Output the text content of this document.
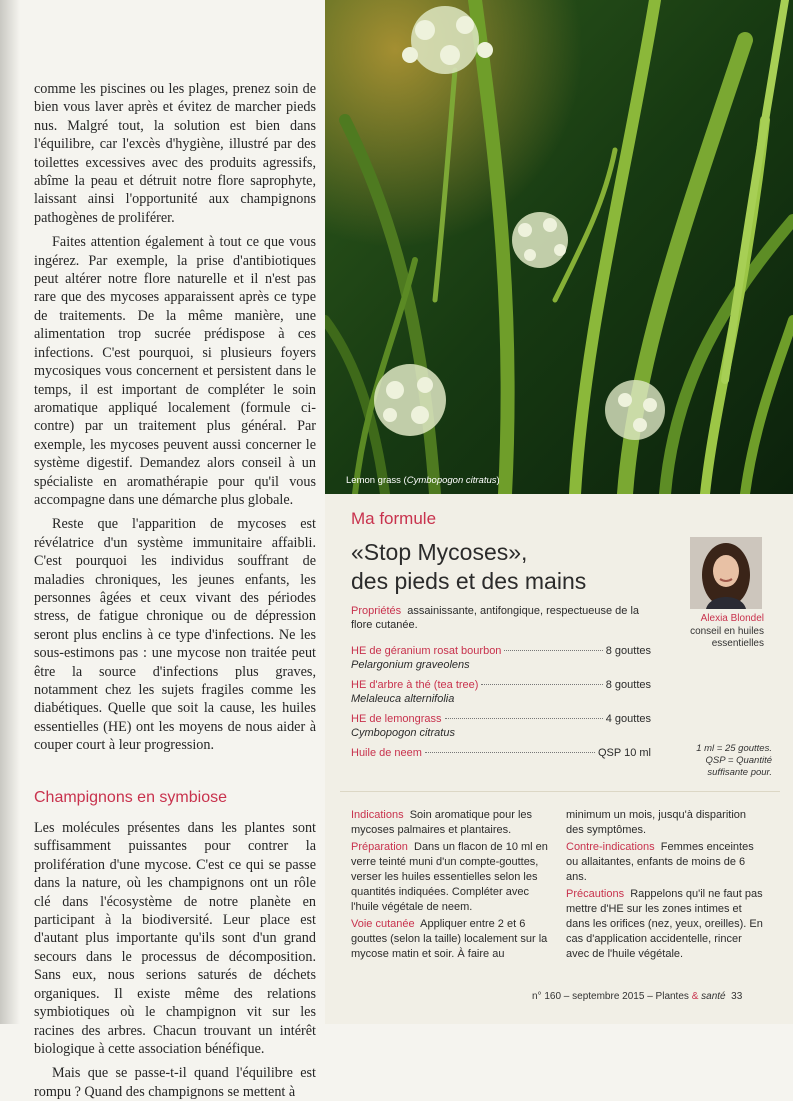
comme les piscines ou les plages, prenez soin de bien vous laver après et évitez de marcher pieds nus. Malgré tout, la solution est bien dans l'équilibre, car l'excès d'hygiène, illustré par des toilettes excessives avec des produits agressifs, abîme la peau et détruit notre flore saprophyte, laissant ainsi l'opportunité aux champignons pathogènes de proliférer.

Faites attention également à tout ce que vous ingérez. Par exemple, la prise d'antibiotiques peut altérer notre flore naturelle et il n'est pas rare que des mycoses apparaissent après ce type de traitements. De la même manière, une alimentation trop sucrée prédispose à ces infections. C'est pourquoi, si plusieurs foyers mycosiques vous concernent et persistent dans le temps, il est important de compléter le soin aromatique appliqué localement (formule ci-contre) par un traitement plus général. Par exemple, les mycoses peuvent aussi concerner le système digestif. Demandez alors conseil à un spécialiste en aromathérapie pour qu'il vous accompagne dans une démarche plus globale.

Reste que l'apparition de mycoses est révélatrice d'un système immunitaire affaibli. C'est pourquoi les individus souffrant de maladies chroniques, les jeunes enfants, les personnes âgées et ceux vivant des périodes stress, de fatigue chronique ou de dépression seront plus enclins à ce type d'infections. Ne les sous-estimons pas : une mycose non traitée peut être la source d'infections plus graves, notamment chez les sujets fragiles comme les diabétiques. Quelle que soit la cause, les huiles essentielles (HE) ont les moyens de nous aider à couper court à leur progression.

Champignons en symbiose

Les molécules présentes dans les plantes sont suffisamment puissantes pour contrer la prolifération d'une mycose. C'est ce qui se passe dans la nature, où les champignons ont un rôle clé dans l'écosystème de notre planète en participant à la biodiversité. Leur place est d'autant plus importante qu'ils sont d'un grand secours dans le processus de décomposition. Sans eux, nous serions saturés de déchets organiques. Il existe même des relations symbiotiques où le champignon vit sur les racines des arbres. Chacun trouvant un intérêt biologique à cette association bénéfique.

Mais que se passe-t-il quand l'équilibre est rompu ? Quand des champignons se mettent à

Lemon grass (Cymbopogon citratus)
Ma formule
«Stop Mycoses»,
des pieds et des mains
Alexia Blondel
conseil en huiles essentielles
Propriétés assainissante, antifongique, respectueuse de la flore cutanée.
HE de géranium rosat bourbon	8 gouttes
Pelargonium graveolens
HE d'arbre à thé (tea tree)	8 gouttes
Melaleuca alternifolia
HE de lemongrass	4 gouttes
Cymbopogon citratus
Huile de neem	QSP 10 ml	1 ml = 25 gouttes. QSP = Quantité suffisante pour.
Indications Soin aromatique pour les mycoses palmaires et plantaires.
Préparation Dans un flacon de 10 ml en verre teinté muni d'un compte-gouttes, verser les huiles essentielles selon les quantités indiquées. Compléter avec l'huile végétale de neem.
Voie cutanée Appliquer entre 2 et 6 gouttes (selon la taille) localement sur la mycose matin et soir. À faire au
minimum un mois, jusqu'à disparition des symptômes.
Contre-indications Femmes enceintes ou allaitantes, enfants de moins de 6 ans.
Précautions Rappelons qu'il ne faut pas mettre d'HE sur les zones intimes et dans les orifices (nez, yeux, oreilles). En cas d'application accidentelle, rincer avec de l'huile végétale.
n° 160 – septembre 2015 – Plantes & santé 33
